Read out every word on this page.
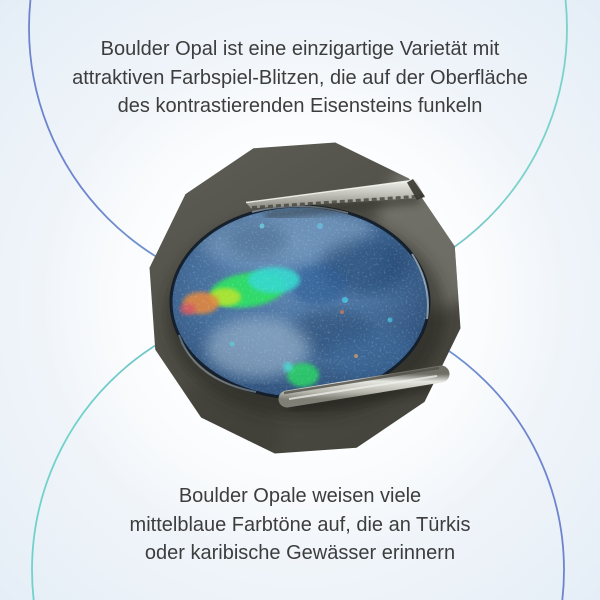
Boulder Opal ist eine einzigartige Varietät mit
attraktiven Farbspiel-Blitzen, die auf der Oberfläche
des kontrastierenden Eisensteins funkeln
Boulder Opale weisen viele
mittelblaue Farbtöne auf, die an Türkis
oder karibische Gewässer erinnern
